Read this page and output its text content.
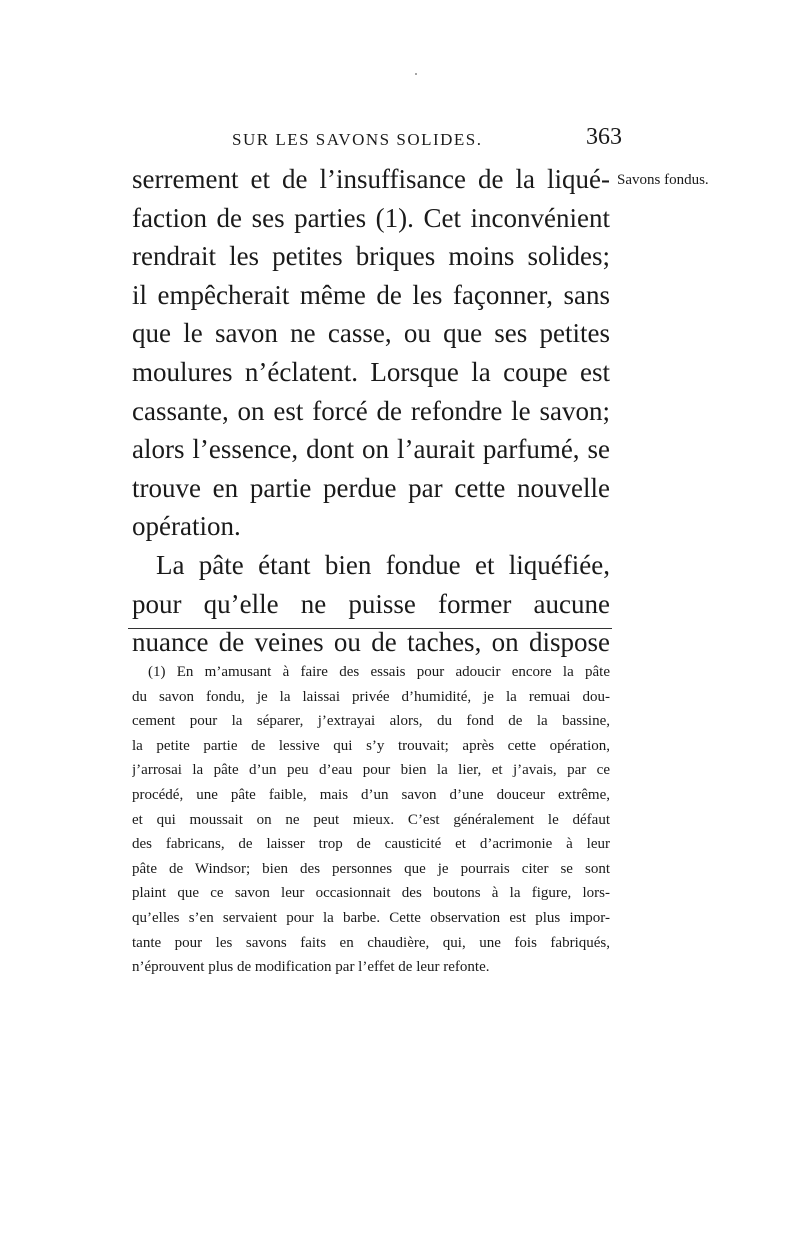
SUR LES SAVONS SOLIDES.	363
Savons fondus.
serrement et de l’insuffisance de la liqué-
faction de ses parties (1). Cet inconvénient
rendrait les petites briques moins solides;
il empêcherait même de les façonner, sans
que le savon ne casse, ou que ses petites
moulures n’éclatent. Lorsque la coupe est
cassante, on est forcé de refondre le savon;
alors l’essence, dont on l’aurait parfumé, se
trouve en partie perdue par cette nouvelle
opération.
La pâte étant bien fondue et liquéfiée,
pour qu’elle ne puisse former aucune
nuance de veines ou de taches, on dispose
(1) En m’amusant à faire des essais pour adoucir encore la pâte
du savon fondu, je la laissai privée d’humidité, je la remuai dou-
cement pour la séparer, j’extrayai alors, du fond de la bassine,
la petite partie de lessive qui s’y trouvait; après cette opération,
j’arrosai la pâte d’un peu d’eau pour bien la lier, et j’avais, par ce
procédé, une pâte faible, mais d’un savon d’une douceur extrême,
et qui moussait on ne peut mieux. C’est généralement le défaut
des fabricans, de laisser trop de causticité et d’acrimonie à leur
pâte de Windsor; bien des personnes que je pourrais citer se sont
plaint que ce savon leur occasionnait des boutons à la figure, lors-
qu’elles s’en servaient pour la barbe. Cette observation est plus impor-
tante pour les savons faits en chaudière, qui, une fois fabriqués,
n’éprouvent plus de modification par l’effet de leur refonte.
